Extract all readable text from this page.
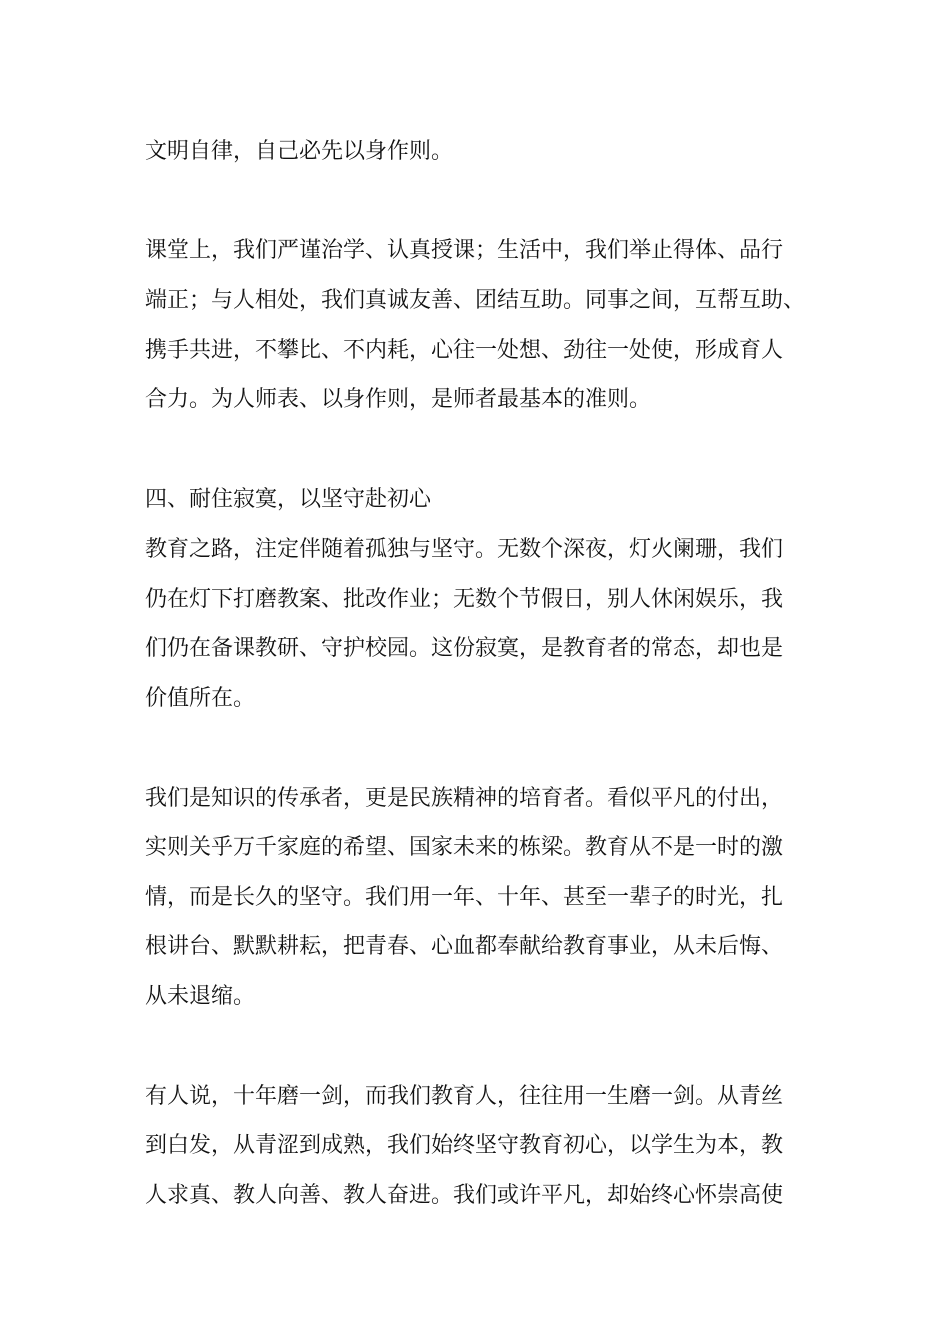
文明自律，自己必先以身作则。
课堂上，我们严谨治学、认真授课；生活中，我们举止得体、品行
端正；与人相处，我们真诚友善、团结互助。同事之间，互帮互助、
携手共进，不攀比、不内耗，心往一处想、劲往一处使，形成育人
合力。为人师表、以身作则，是师者最基本的准则。
四、耐住寂寞，以坚守赴初心
教育之路，注定伴随着孤独与坚守。无数个深夜，灯火阑珊，我们
仍在灯下打磨教案、批改作业；无数个节假日，别人休闲娱乐，我
们仍在备课教研、守护校园。这份寂寞，是教育者的常态，却也是
价值所在。
我们是知识的传承者，更是民族精神的培育者。看似平凡的付出，
实则关乎万千家庭的希望、国家未来的栋梁。教育从不是一时的激
情，而是长久的坚守。我们用一年、十年、甚至一辈子的时光，扎
根讲台、默默耕耘，把青春、心血都奉献给教育事业，从未后悔、
从未退缩。
有人说，十年磨一剑，而我们教育人，往往用一生磨一剑。从青丝
到白发，从青涩到成熟，我们始终坚守教育初心，以学生为本，教
人求真、教人向善、教人奋进。我们或许平凡，却始终心怀崇高使
